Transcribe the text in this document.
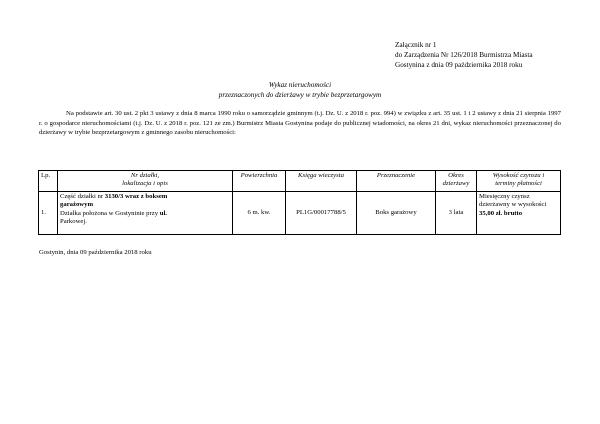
Załącznik nr 1
do Zarządzenia Nr 126/2018 Burmistrza Miasta
Gostynina z dnia 09 października 2018 roku
Wykaz nieruchomości
przeznaczonych do dzierżawy w trybie bezprzetargowym
Na podstawie art. 30 ust. 2 pkt 3 ustawy z dnia 8 marca 1990 roku o samorządzie gminnym (t.j. Dz. U. z 2018 r. poz. 994) w związku z art. 35 ust. 1 i 2 ustawy z dnia 21 sierpnia 1997 r. o gospodarce nieruchomościami (t.j. Dz. U. z 2018 r. poz. 121 ze zm.) Burmistrz Miasta Gostynina podaje do publicznej wiadomości, na okres 21 dni, wykaz nieruchomości przeznaczonej do dzierżawy w trybie bezprzetargowym z gminnego zasobu nieruchomości:
Lp.	Nr działki,
lokalizacja i opis	Powierzchnia	Księga wieczysta	Przeznaczenie	Okres
dzierżawy	Wysokość czynszu i
terminy płatności
1.	Część działki nr 3130/3 wraz z boksem
garażowym
Działka położona w Gostyninie przy ul.
Parkowej.	6 m. kw.	PL1G/00017788/5	Boks garażowy	3 lata	Miesięczny czynsz
dzierżawny w wysokości
35,00 zł. brutto
Gostynin, dnia 09 października 2018 roku
